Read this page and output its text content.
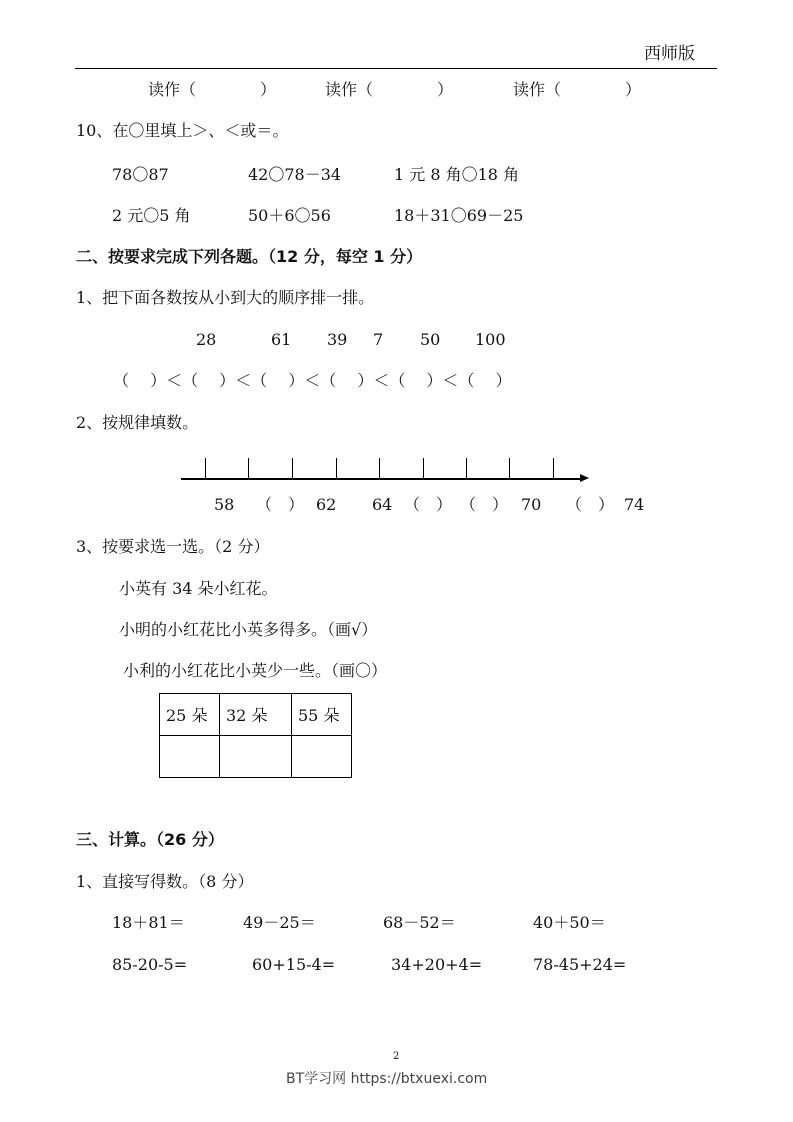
西师版
读作（　　　　）	读作（　　　　）	读作（　　　　）
10、在〇里填上＞、＜或＝。
78〇87	42〇78－34	1 元 8 角〇18 角
2 元〇5 角	50＋6〇56	18＋31〇69－25
二、按要求完成下列各题。（12 分，每空 1 分）
1、把下面各数按从小到大的顺序排一排。
28	61 39 7 50 100
（　 ）＜（　 ）＜（　 ）＜（　 ）＜（　 ）＜（　 ）
2、按规律填数。
58 （　） 62 64 （　） （　） 70 （　） 74
3、按要求选一选。（2 分）
小英有 34 朵小红花。
小明的小红花比小英多得多。（画√）
小利的小红花比小英少一些。（画〇）
25 朵	32 朵	55 朵

三、计算。（26 分）
1、直接写得数。（8 分）
18＋81＝	49－25＝	68－52＝	40＋50＝
85-20-5=	60+15-4=	34+20+4=	78-45+24=
2
BT学习网 https://btxuexi.com
